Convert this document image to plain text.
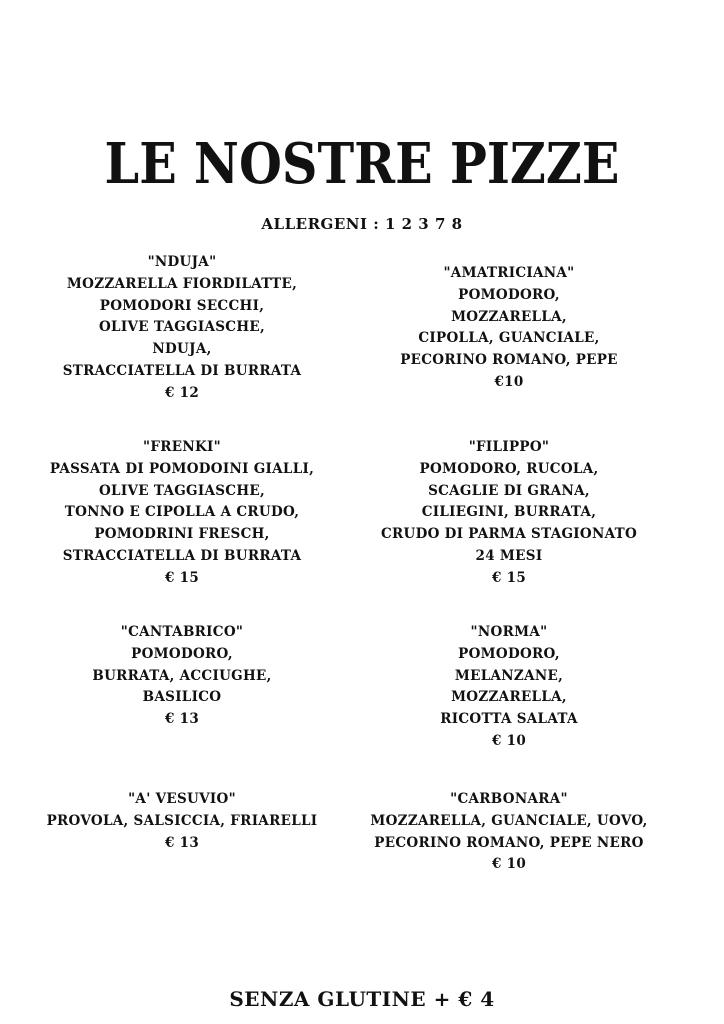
LE NOSTRE PIZZE
ALLERGENI : 1 2 3 7 8
"NDUJA"
MOZZARELLA FIORDILATTE,
POMODORI SECCHI,
OLIVE TAGGIASCHE,
NDUJA,
STRACCIATELLA DI BURRATA
€ 12
"AMATRICIANA"
POMODORO,
MOZZARELLA,
CIPOLLA, GUANCIALE,
PECORINO ROMANO, PEPE
€10
"FRENKI"
PASSATA DI POMODOINI GIALLI,
OLIVE TAGGIASCHE,
TONNO E CIPOLLA A CRUDO,
POMODRINI FRESCH,
STRACCIATELLA DI BURRATA
€ 15
"FILIPPO"
POMODORO, RUCOLA,
SCAGLIE DI GRANA,
CILIEGINI, BURRATA,
CRUDO DI PARMA STAGIONATO
24 MESI
€ 15
"CANTABRICO"
POMODORO,
BURRATA, ACCIUGHE,
BASILICO
€ 13
"NORMA"
POMODORO,
MELANZANE,
MOZZARELLA,
RICOTTA SALATA
€ 10
"A' VESUVIO"
PROVOLA, SALSICCIA, FRIARELLI
€ 13
"CARBONARA"
MOZZARELLA, GUANCIALE, UOVO,
PECORINO ROMANO, PEPE NERO
€ 10
SENZA GLUTINE + € 4
